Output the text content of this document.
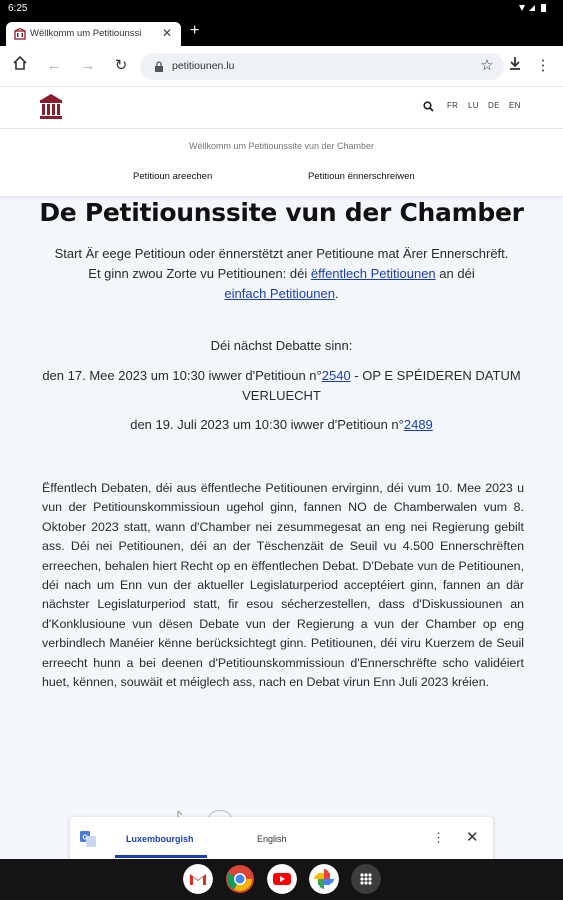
6:25
Wëllkomm um Petitiounssi	✕ +
← →	↻	petitiounen.lu	☆	⋮
FR LU DE EN
Wëllkomm um Petitiounssite vun der Chamber
Petitioun areechen	Petitioun ënnerschreiwen
De Petitiounssite vun der Chamber
Start Är eege Petitioun oder ënnerstëtzt aner Petitioune mat Ärer Ennerschrëft.
Et ginn zwou Zorte vu Petitiounen: déi ëffentlech Petitiounen an déi
einfach Petitiounen.
Déi nächst Debatte sinn:
den 17. Mee 2023 um 10:30 iwwer d'Petitioun n°2540 - OP E SPÉIDEREN DATUM VERLUECHT
den 19. Juli 2023 um 10:30 iwwer d'Petitioun n°2489
Ëffentlech Debaten, déi aus ëffentleche Petitiounen ervirginn, déi vum 10. Mee 2023 u vun der Petitiounskommissioun ugehol ginn, fannen NO de Chamberwalen vum 8. Oktober 2023 statt, wann d'Chamber nei zesummegesat an eng nei Regierung gebilt ass. Déi nei Petitiounen, déi an der Tëschenzäit de Seuil vu 4.500 Ennerschrëften erreechen, behalen hiert Recht op en ëffentlechen Debat. D'Debate vun de Petitiounen, déi nach um Enn vun der aktueller Legislaturperiod acceptéiert ginn, fannen an där nächster Legislaturperiod statt, fir esou sécherzestellen, dass d'Diskussiounen an d'Konklusioune vun dësen Debate vun der Regierung a vun der Chamber op eng verbindlech Manéier kënne berücksichtegt ginn. Petitiounen, déi viru Kuerzem de Seuil erreecht hunn a bei deenen d'Petitiounskommissioun d'Ennerschrëfte scho validéiert huet, kënnen, souwäit et méiglech ass, nach en Debat virun Enn Juli 2023 kréien.
G	Luxembourgish	English	⋮ ✕
